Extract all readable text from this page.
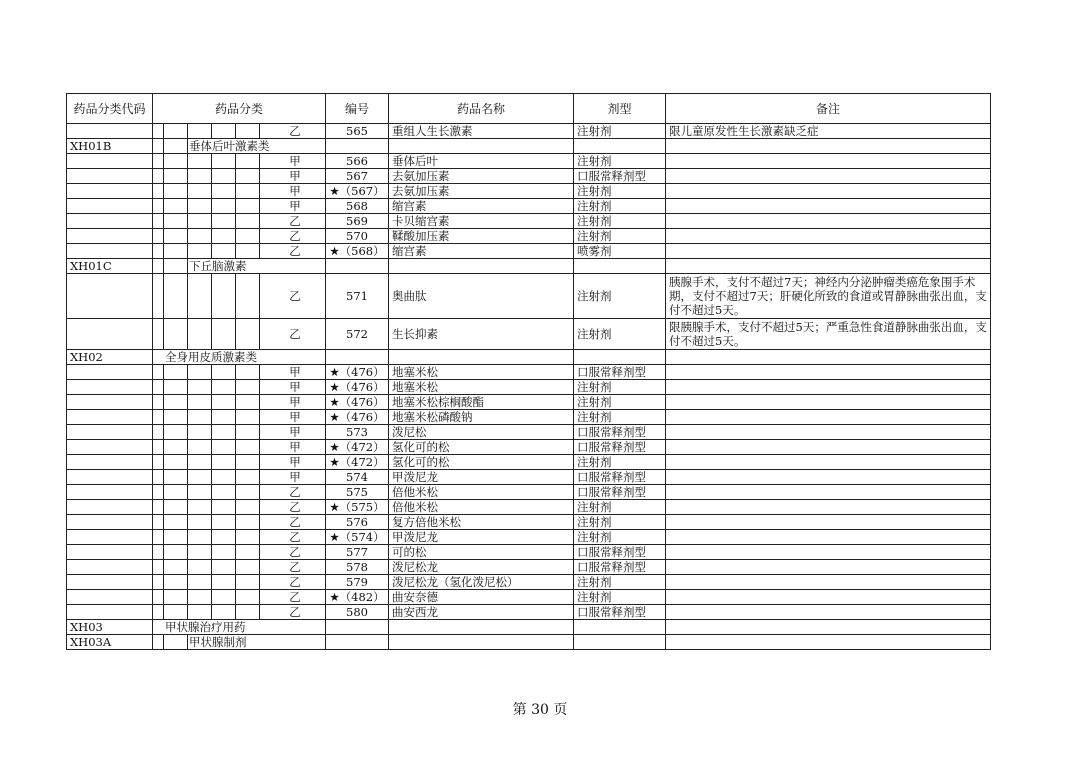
药品分类代码	药品分类	编号	药品名称	剂型	备注

	乙	565	重组人生长激素	注射剂	限儿童原发性生长激素缺乏症
XH01B	垂体后叶激素类				

	甲	566	垂体后叶	注射剂	

	甲	567	去氨加压素	口服常释剂型	

	甲	★（567）	去氨加压素	注射剂	

	甲	568	缩宫素	注射剂	

	乙	569	卡贝缩宫素	注射剂	

	乙	570	鞣酸加压素	注射剂	

	乙	★（568）	缩宫素	喷雾剂	
XH01C	下丘脑激素				

	乙	571	奥曲肽	注射剂	胰腺手术，支付不超过7天；神经内分泌肿瘤类癌危象围手术期，支付不超过7天；肝硬化所致的食道或胃静脉曲张出血，支付不超过5天。

	乙	572	生长抑素	注射剂	限胰腺手术，支付不超过5天；严重急性食道静脉曲张出血，支付不超过5天。
XH02	全身用皮质激素类				

	甲	★（476）	地塞米松	口服常释剂型	

	甲	★（476）	地塞米松	注射剂	

	甲	★（476）	地塞米松棕榈酸酯	注射剂	

	甲	★（476）	地塞米松磷酸钠	注射剂	

	甲	573	泼尼松	口服常释剂型	

	甲	★（472）	氢化可的松	口服常释剂型	

	甲	★（472）	氢化可的松	注射剂	

	甲	574	甲泼尼龙	口服常释剂型	

	乙	575	倍他米松	口服常释剂型	

	乙	★（575）	倍他米松	注射剂	

	乙	576	复方倍他米松	注射剂	

	乙	★（574）	甲泼尼龙	注射剂	

	乙	577	可的松	口服常释剂型	

	乙	578	泼尼松龙	口服常释剂型	

	乙	579	泼尼松龙（氢化泼尼松）	注射剂	

	乙	★（482）	曲安奈德	注射剂	

	乙	580	曲安西龙	口服常释剂型	
XH03	甲状腺治疗用药				

XH03A	甲状腺制剂				

第 30 页
